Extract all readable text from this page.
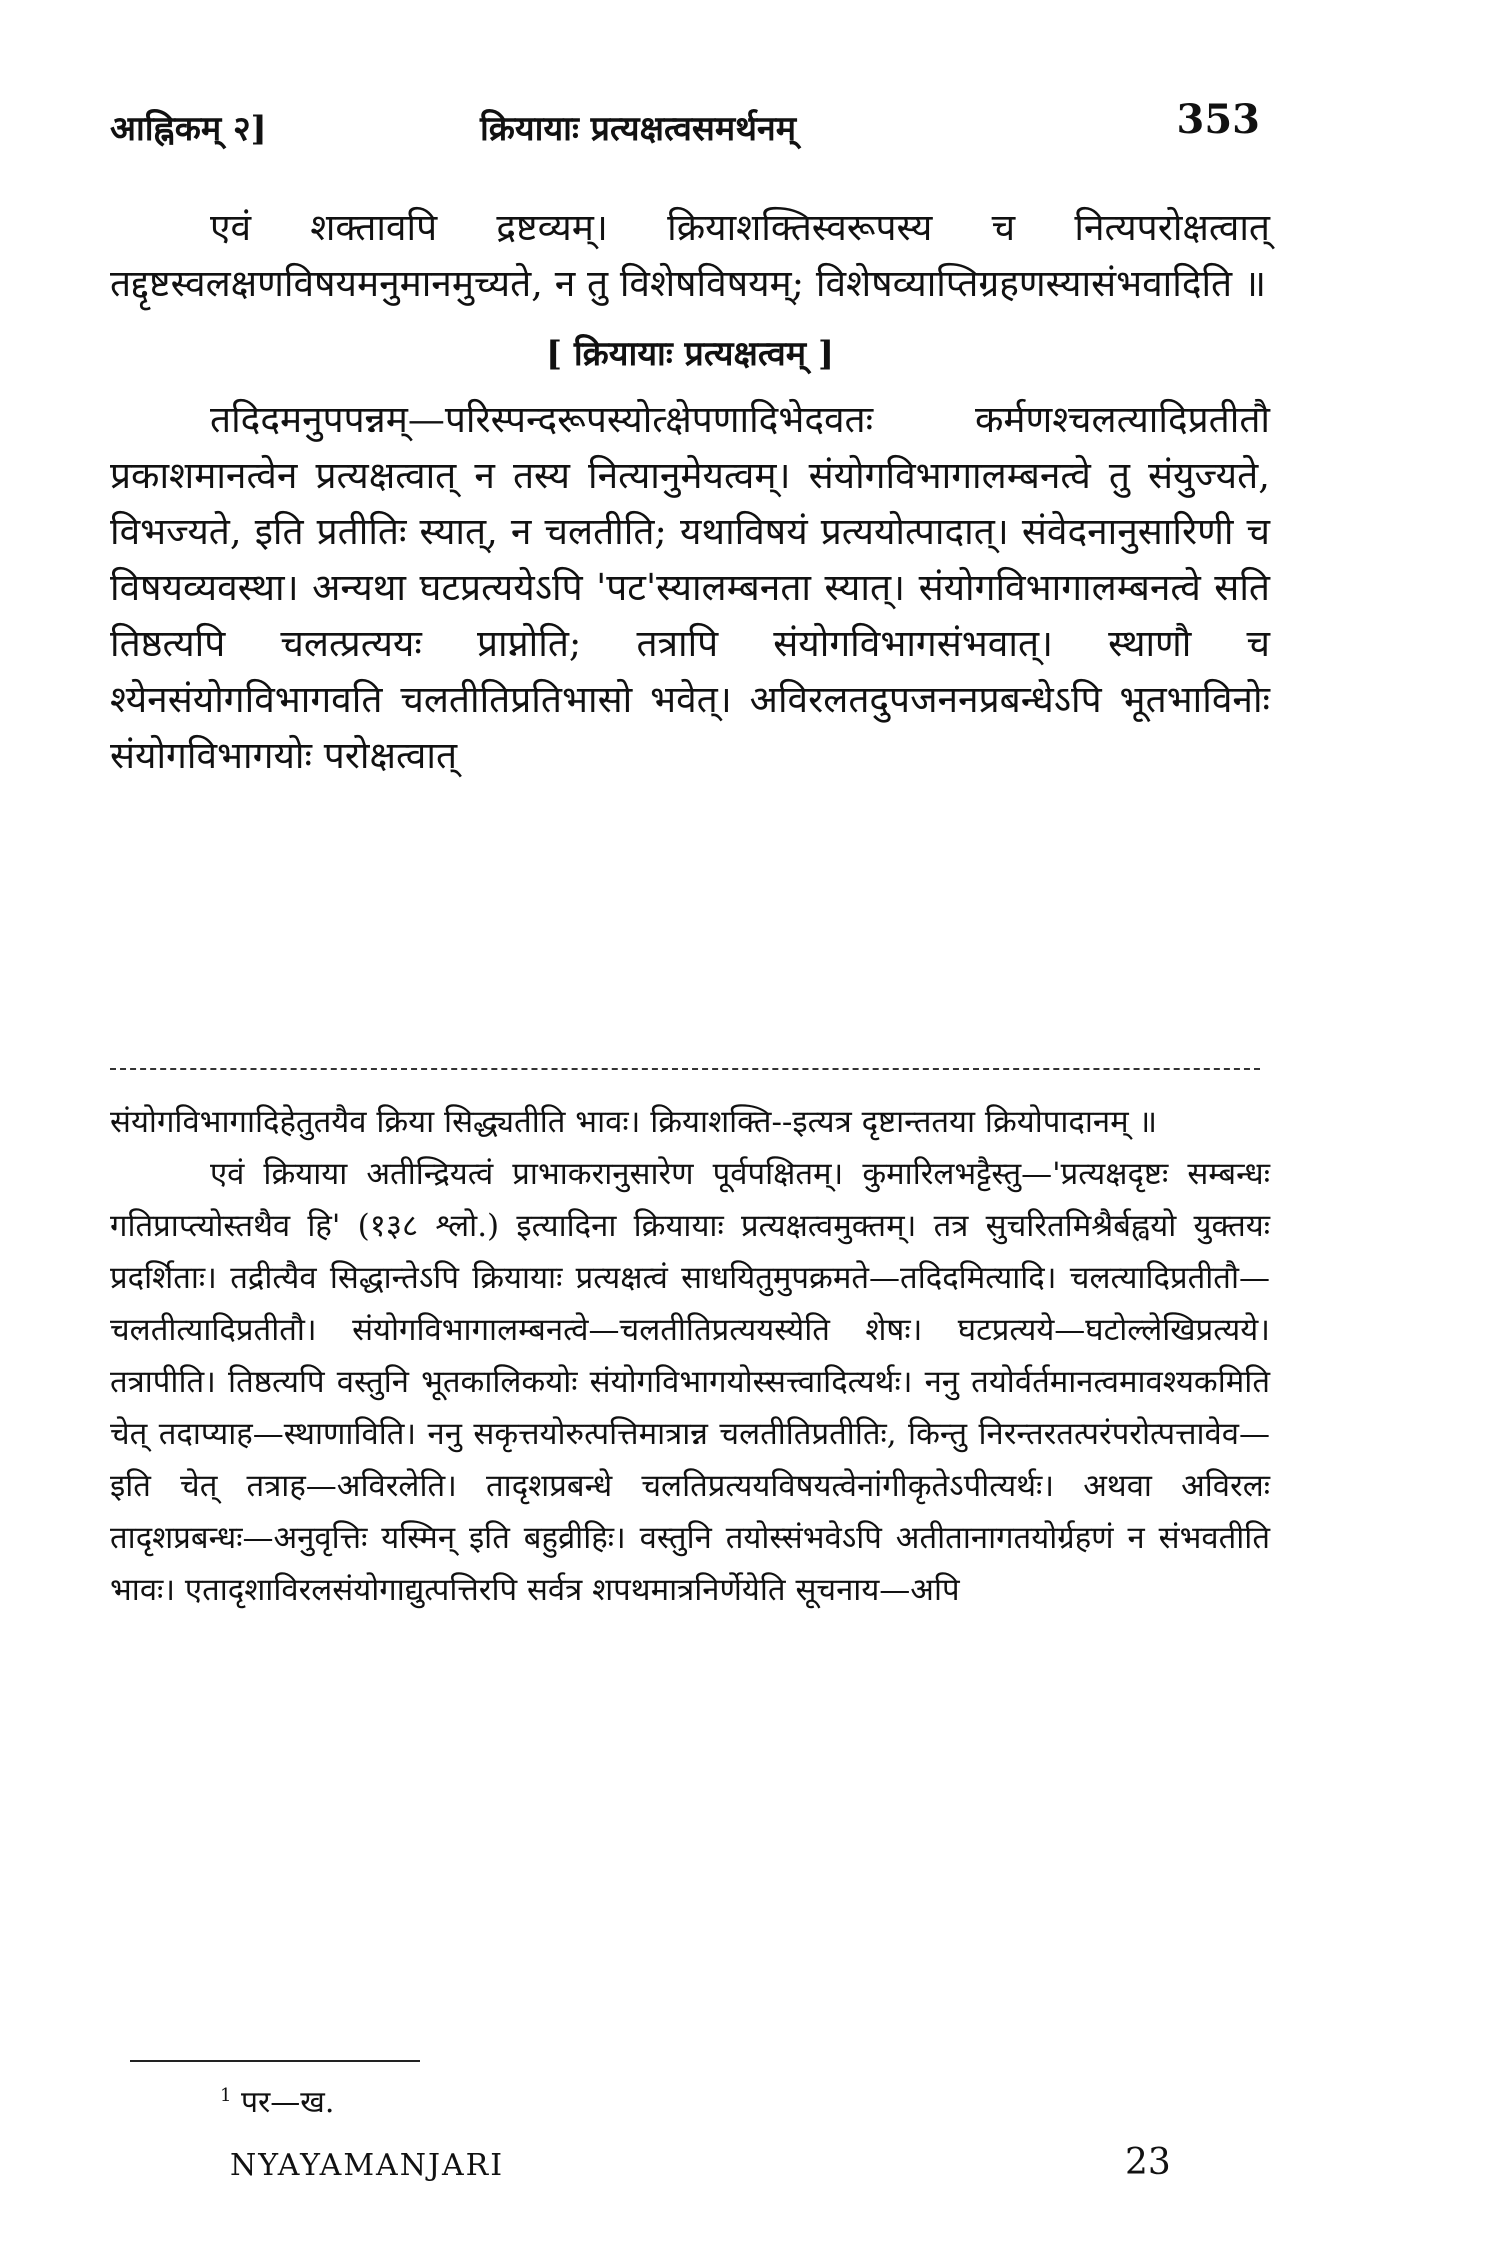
आह्निकम् २]	क्रियायाः प्रत्यक्षत्वसमर्थनम्	353

एवं शक्तावपि द्रष्टव्यम्। क्रियाशक्तिस्वरूपस्य च नित्यपरोक्षत्वात् तद्दृष्टस्वलक्षणविषयमनुमानमुच्यते, न तु विशेषविषयम्; विशेषव्याप्तिग्रहणस्यासंभवादिति ॥

[ क्रियायाः प्रत्यक्षत्वम् ]

तदिदमनुपपन्नम्—परिस्पन्दरूपस्योत्क्षेपणादिभेदवतः कर्मणश्चलत्यादिप्रतीतौ प्रकाशमानत्वेन प्रत्यक्षत्वात् न तस्य नित्यानुमेयत्वम्। संयोगविभागालम्बनत्वे तु संयुज्यते, विभज्यते, इति प्रतीतिः स्यात्, न चलतीति; यथाविषयं प्रत्ययोत्पादात्। संवेदनानुसारिणी च विषयव्यवस्था। अन्यथा घटप्रत्ययेऽपि 'पट'स्यालम्बनता स्यात्। संयोगविभागालम्बनत्वे सति तिष्ठत्यपि चलत्प्रत्ययः प्राप्नोति; तत्रापि संयोगविभागसंभवात्। स्थाणौ च श्येनसंयोगविभागवति चलतीतिप्रतिभासो भवेत्। अविरलतदुपजननप्रबन्धेऽपि भूतभाविनोः संयोगविभागयोः परोक्षत्वात्

संयोगविभागादिहेतुतयैव क्रिया सिद्ध्यतीति भावः। क्रियाशक्ति--इत्यत्र दृष्टान्ततया क्रियोपादानम् ॥

एवं क्रियाया अतीन्द्रियत्वं प्राभाकरानुसारेण पूर्वपक्षितम्। कुमारिलभट्टैस्तु—'प्रत्यक्षदृष्टः सम्बन्धः गतिप्राप्त्योस्तथैव हि' (१३८ श्लो.) इत्यादिना क्रियायाः प्रत्यक्षत्वमुक्तम्। तत्र सुचरितमिश्रैर्बह्वयो युक्तयः प्रदर्शिताः। तद्रीत्यैव सिद्धान्तेऽपि क्रियायाः प्रत्यक्षत्वं साधयितुमुपक्रमते—तदिदमित्यादि। चलत्यादिप्रतीतौ—चलतीत्यादिप्रतीतौ। संयोगविभागालम्बनत्वे—चलतीतिप्रत्ययस्येति शेषः। घटप्रत्यये—घटोल्लेखिप्रत्यये। तत्रापीति। तिष्ठत्यपि वस्तुनि भूतकालिकयोः संयोगविभागयोस्सत्त्वादित्यर्थः। ननु तयोर्वर्तमानत्वमावश्यकमिति चेत् तदाप्याह—स्थाणाविति। ननु सकृत्तयोरुत्पत्तिमात्रान्न चलतीतिप्रतीतिः, किन्तु निरन्तरतत्परंपरोत्पत्तावेव—इति चेत् तत्राह—अविरलेति। तादृशप्रबन्धे चलतिप्रत्ययविषयत्वेनांगीकृतेऽपीत्यर्थः। अथवा अविरलः तादृशप्रबन्धः—अनुवृत्तिः यस्मिन् इति बहुव्रीहिः। वस्तुनि तयोस्संभवेऽपि अतीतानागतयोर्ग्रहणं न संभवतीति भावः। एतादृशाविरलसंयोगाद्युत्पत्तिरपि सर्वत्र शपथमात्रनिर्णेयेति सूचनाय—अपि

$^1$ पर—ख.
NYAYAMANJARI	23
